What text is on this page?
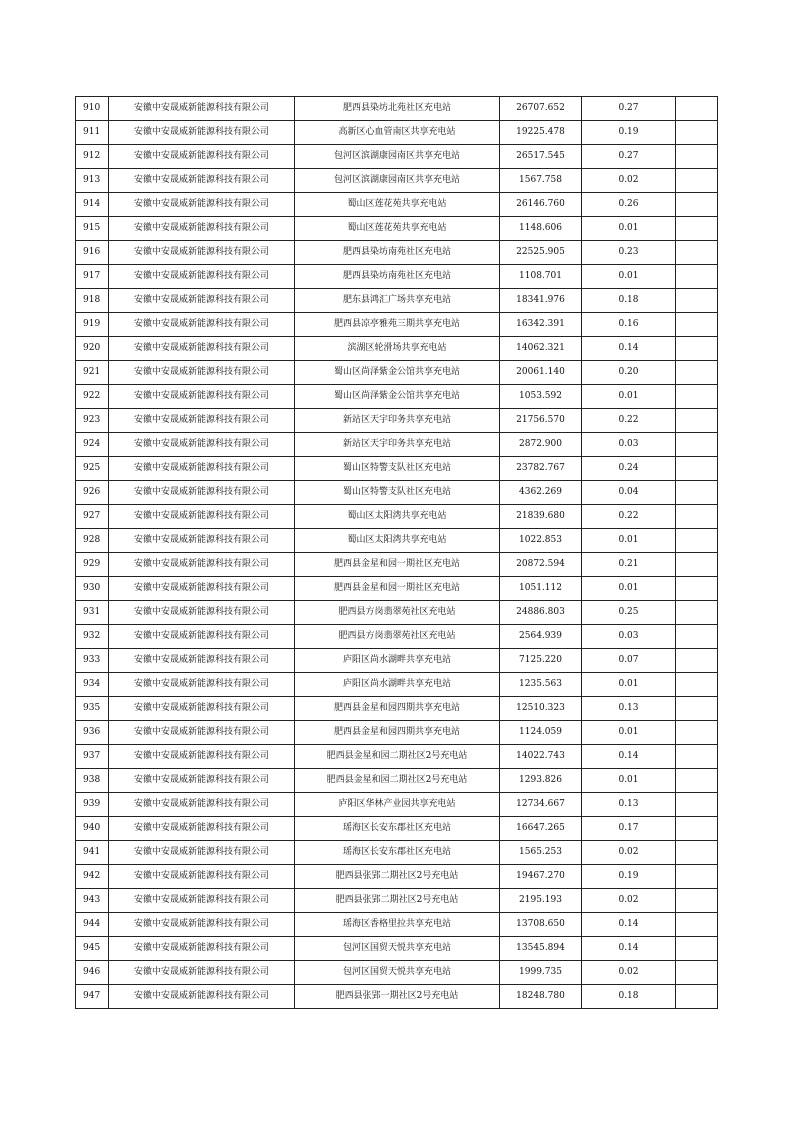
910	安徽中安晟威新能源科技有限公司	肥西县染坊北苑社区充电站	26707.652	0.27	
911	安徽中安晟威新能源科技有限公司	高新区心血管南区共享充电站	19225.478	0.19	
912	安徽中安晟威新能源科技有限公司	包河区滨湖康园南区共享充电站	26517.545	0.27	
913	安徽中安晟威新能源科技有限公司	包河区滨湖康园南区共享充电站	1567.758	0.02	
914	安徽中安晟威新能源科技有限公司	蜀山区莲花苑共享充电站	26146.760	0.26	
915	安徽中安晟威新能源科技有限公司	蜀山区莲花苑共享充电站	1148.606	0.01	
916	安徽中安晟威新能源科技有限公司	肥西县染坊南苑社区充电站	22525.905	0.23	
917	安徽中安晟威新能源科技有限公司	肥西县染坊南苑社区充电站	1108.701	0.01	
918	安徽中安晟威新能源科技有限公司	肥东县鸿汇广场共享充电站	18341.976	0.18	
919	安徽中安晟威新能源科技有限公司	肥西县凉亭雅苑三期共享充电站	16342.391	0.16	
920	安徽中安晟威新能源科技有限公司	滨湖区轮滑场共享充电站	14062.321	0.14	
921	安徽中安晟威新能源科技有限公司	蜀山区尚泽紫金公馆共享充电站	20061.140	0.20	
922	安徽中安晟威新能源科技有限公司	蜀山区尚泽紫金公馆共享充电站	1053.592	0.01	
923	安徽中安晟威新能源科技有限公司	新站区天宇印务共享充电站	21756.570	0.22	
924	安徽中安晟威新能源科技有限公司	新站区天宇印务共享充电站	2872.900	0.03	
925	安徽中安晟威新能源科技有限公司	蜀山区特警支队社区充电站	23782.767	0.24	
926	安徽中安晟威新能源科技有限公司	蜀山区特警支队社区充电站	4362.269	0.04	
927	安徽中安晟威新能源科技有限公司	蜀山区太阳湾共享充电站	21839.680	0.22	
928	安徽中安晟威新能源科技有限公司	蜀山区太阳湾共享充电站	1022.853	0.01	
929	安徽中安晟威新能源科技有限公司	肥西县金星和园一期社区充电站	20872.594	0.21	
930	安徽中安晟威新能源科技有限公司	肥西县金星和园一期社区充电站	1051.112	0.01	
931	安徽中安晟威新能源科技有限公司	肥西县方岗翡翠苑社区充电站	24886.803	0.25	
932	安徽中安晟威新能源科技有限公司	肥西县方岗翡翠苑社区充电站	2564.939	0.03	
933	安徽中安晟威新能源科技有限公司	庐阳区尚水湖畔共享充电站	7125.220	0.07	
934	安徽中安晟威新能源科技有限公司	庐阳区尚水湖畔共享充电站	1235.563	0.01	
935	安徽中安晟威新能源科技有限公司	肥西县金星和园四期共享充电站	12510.323	0.13	
936	安徽中安晟威新能源科技有限公司	肥西县金星和园四期共享充电站	1124.059	0.01	
937	安徽中安晟威新能源科技有限公司	肥西县金星和园二期社区2号充电站	14022.743	0.14	
938	安徽中安晟威新能源科技有限公司	肥西县金星和园二期社区2号充电站	1293.826	0.01	
939	安徽中安晟威新能源科技有限公司	庐阳区华林产业园共享充电站	12734.667	0.13	
940	安徽中安晟威新能源科技有限公司	瑶海区长安东郡社区充电站	16647.265	0.17	
941	安徽中安晟威新能源科技有限公司	瑶海区长安东郡社区充电站	1565.253	0.02	
942	安徽中安晟威新能源科技有限公司	肥西县张郢二期社区2号充电站	19467.270	0.19	
943	安徽中安晟威新能源科技有限公司	肥西县张郢二期社区2号充电站	2195.193	0.02	
944	安徽中安晟威新能源科技有限公司	瑶海区香格里拉共享充电站	13708.650	0.14	
945	安徽中安晟威新能源科技有限公司	包河区国贸天悦共享充电站	13545.894	0.14	
946	安徽中安晟威新能源科技有限公司	包河区国贸天悦共享充电站	1999.735	0.02	
947	安徽中安晟威新能源科技有限公司	肥西县张郢一期社区2号充电站	18248.780	0.18	
